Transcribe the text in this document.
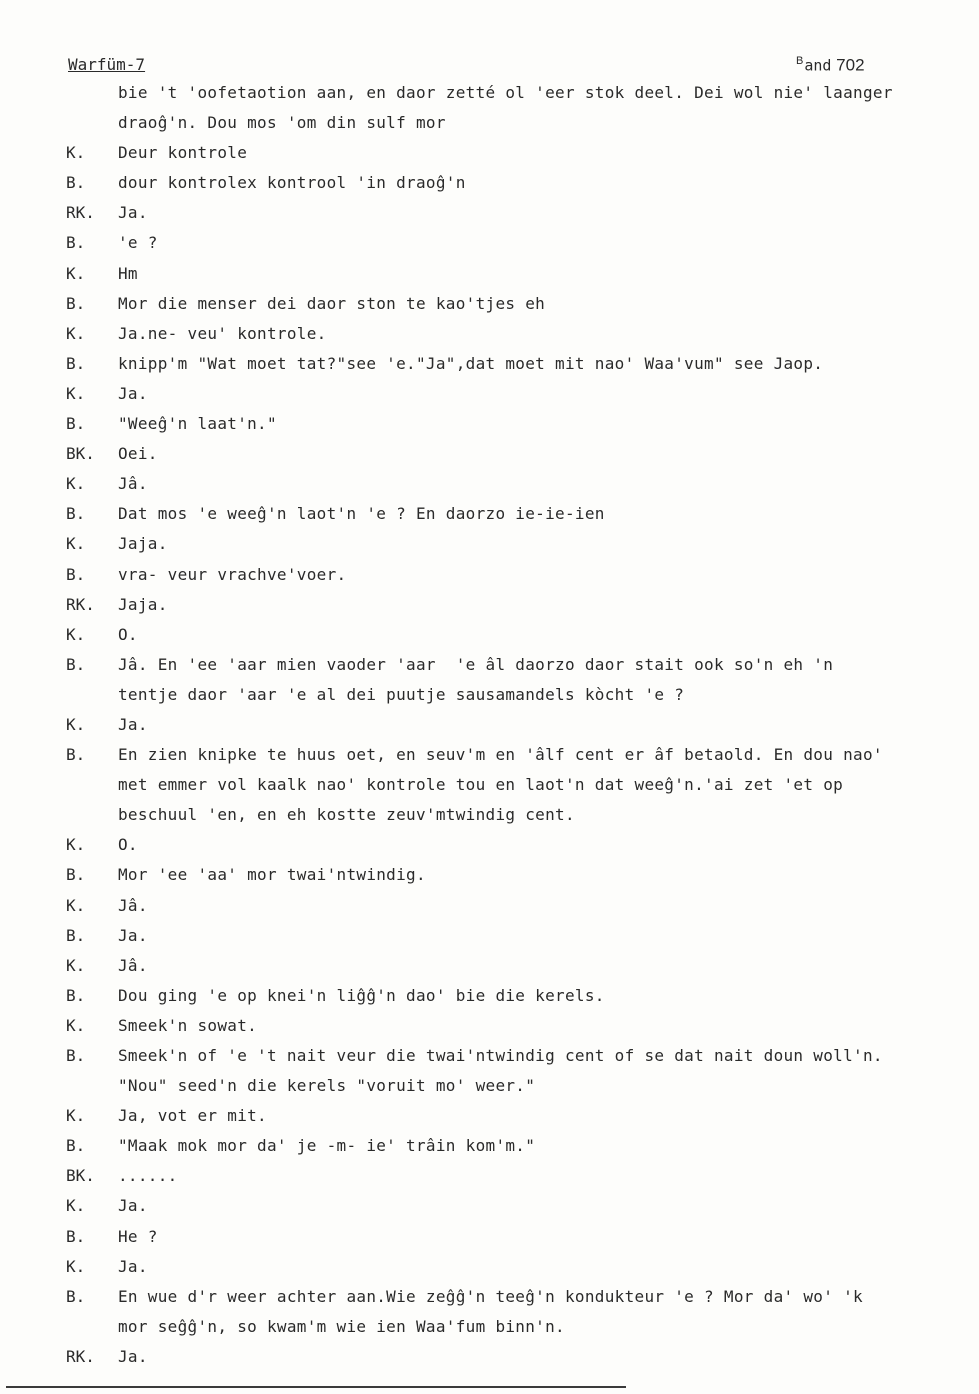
Warfüm-7	$^B$and 702
bie 't 'oofetaotion aan, en daor zetté ol 'eer stok deel. Dei wol nie' laanger
draoĝ'n. Dou mos 'om din sulf mor
K.	Deur kontrole
B.	dour kontroleх kontrool 'in draoĝ'n
RK.	Ja.
B.	'e ?
K.	Hm
B.	Mor die menser dei daor ston te kao'tjes eh
K.	Ja.ne- veu' kontrole.
B.	knipp'm "Wat moet tat?"see 'e."Ja",dat moet mit nao' Waa'vum" see Jaop.
K.	Ja.
B.	"Weeĝ'n laat'n."
BK.	Oei.
K.	Jâ.
B.	Dat mos 'e weeĝ'n laot'n 'e ? En daorzo ie-ie-ien
K.	Jaja.
B.	vra- veur vrachve'voer.
RK.	Jaja.
K.	O.
B.	Jâ. En 'ee 'aar mien vaoder 'aar  'e âl daorzo daor stait ook so'n eh 'n
tentje daor 'aar 'e al dei puutje sausamandels kòcht 'e ?
K.	Ja.
B.	En zien knipke te huus oet, en seuv'm en 'âlf cent er âf betaold. En dou nao'
met emmer vol kaalk nao' kontrole tou en laot'n dat weeĝ'n.'ai zet 'et op
beschuul 'en, en eh kostte zeuv'mtwindig cent.
K.	O.
B.	Mor 'ee 'aa' mor twai'ntwindig.
K.	Jâ.
B.	Ja.
K.	Jâ.
B.	Dou ging 'e op knei'n liĝĝ'n dao' bie die kerels.
K.	Smeek'n sowat.
B.	Smeek'n of 'e 't nait veur die twai'ntwindig cent of se dat nait doun woll'n.
"Nou" seed'n die kerels "voruit mo' weer."
K.	Ja, vot er mit.
B.	"Maak mok mor da' je -m- ie' trâin kom'm."
BK.	......
K.	Ja.
B.	He ?
K.	Ja.
B.	En wuе d'r weer achter aan.Wie zeĝĝ'n teeĝ'n konduktеur 'e ? Mor da' wo' 'k
mor seĝĝ'n, so kwam'm wie ien Waa'fum binn'n.
RK.	Ja.
